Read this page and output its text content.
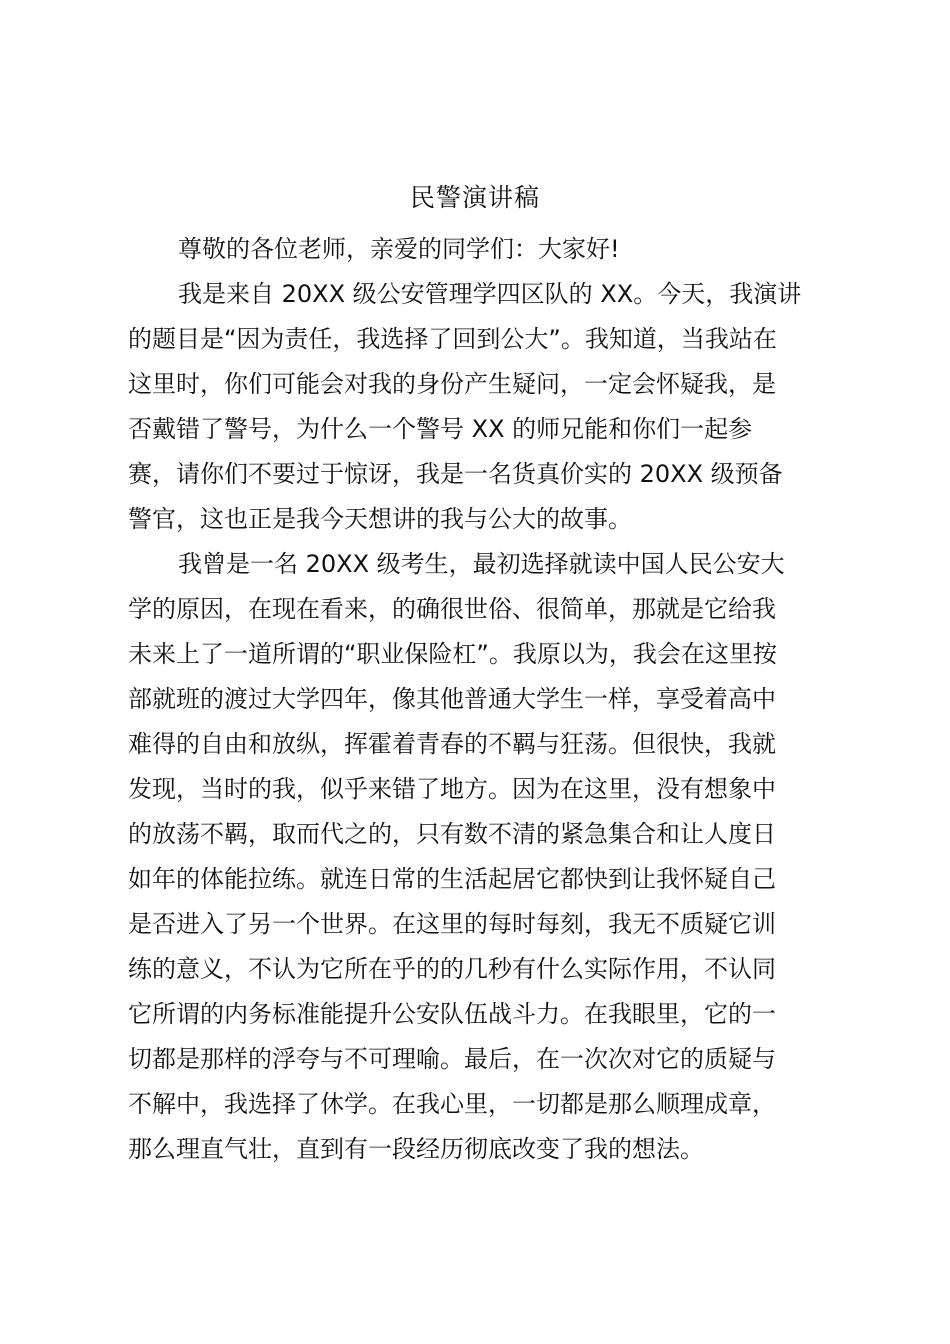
民警演讲稿
尊敬的各位老师，亲爱的同学们：大家好!
我是来自 20XX 级公安管理学四区队的 XX。今天，我演讲
的题目是“因为责任，我选择了回到公大”。我知道，当我站在
这里时，你们可能会对我的身份产生疑问，一定会怀疑我，是
否戴错了警号，为什么一个警号 XX 的师兄能和你们一起参
赛，请你们不要过于惊讶，我是一名货真价实的 20XX 级预备
警官，这也正是我今天想讲的我与公大的故事。
我曾是一名 20XX 级考生，最初选择就读中国人民公安大
学的原因，在现在看来，的确很世俗、很简单，那就是它给我
未来上了一道所谓的“职业保险杠”。我原以为，我会在这里按
部就班的渡过大学四年，像其他普通大学生一样，享受着高中
难得的自由和放纵，挥霍着青春的不羁与狂荡。但很快，我就
发现，当时的我，似乎来错了地方。因为在这里，没有想象中
的放荡不羁，取而代之的，只有数不清的紧急集合和让人度日
如年的体能拉练。就连日常的生活起居它都快到让我怀疑自己
是否进入了另一个世界。在这里的每时每刻，我无不质疑它训
练的意义，不认为它所在乎的的几秒有什么实际作用，不认同
它所谓的内务标准能提升公安队伍战斗力。在我眼里，它的一
切都是那样的浮夸与不可理喻。最后，在一次次对它的质疑与
不解中，我选择了休学。在我心里，一切都是那么顺理成章，
那么理直气壮，直到有一段经历彻底改变了我的想法。
